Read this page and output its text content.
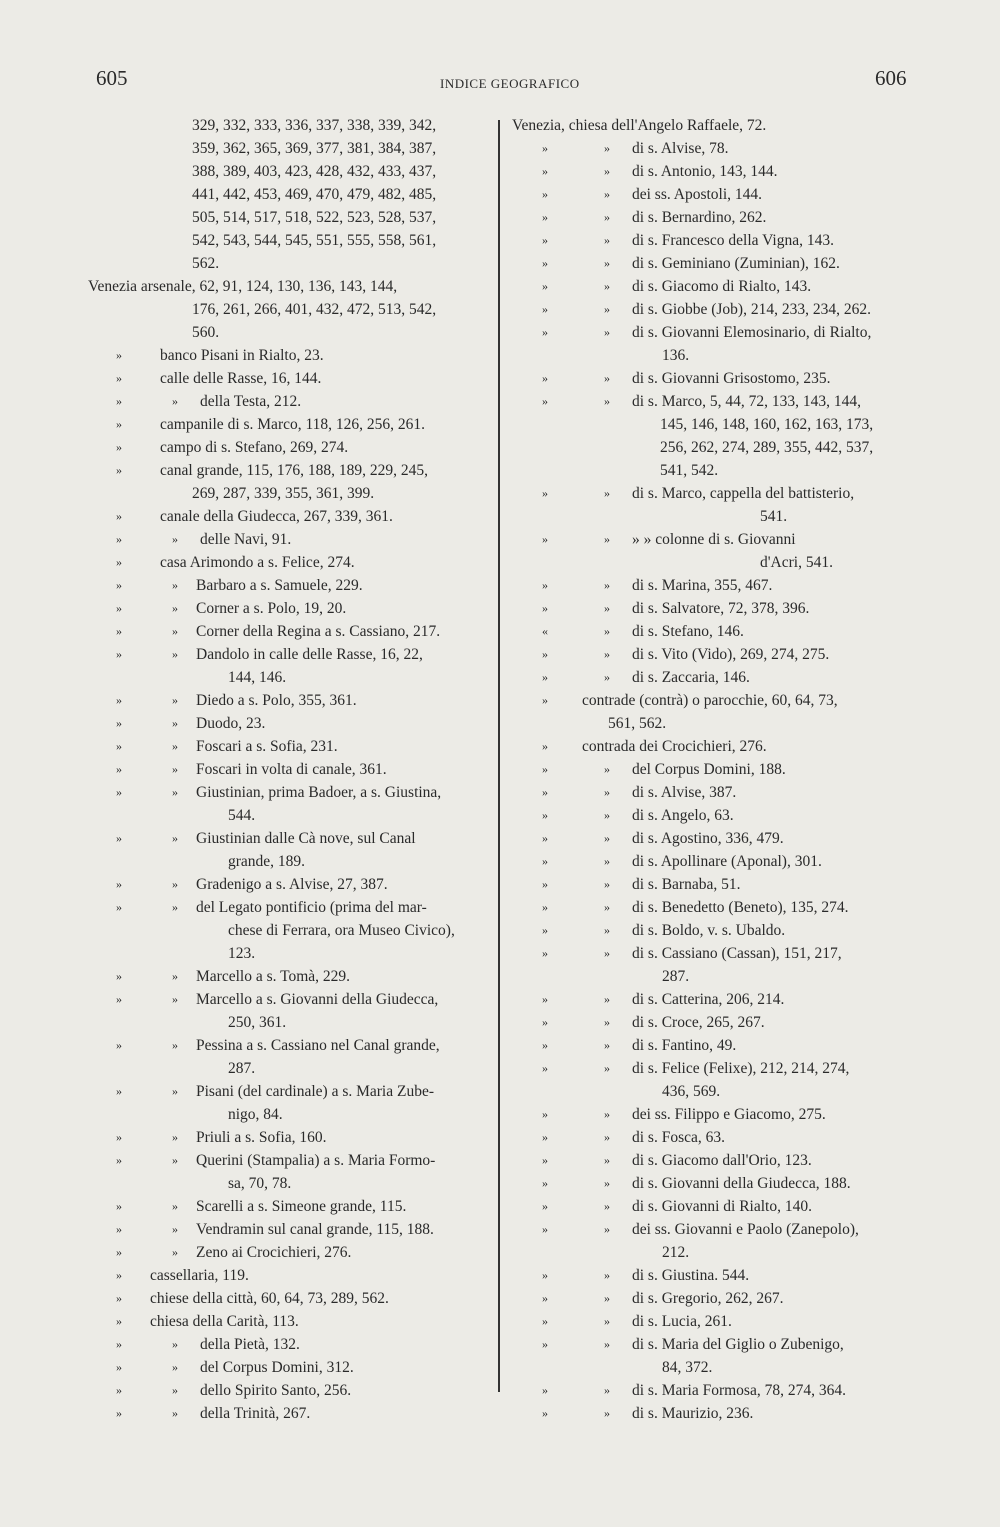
605	INDICE GEOGRAFICO	606
329, 332, 333, 336, 337, 338, 339, 342,
359, 362, 365, 369, 377, 381, 384, 387,
388, 389, 403, 423, 428, 432, 433, 437,
441, 442, 453, 469, 470, 479, 482, 485,
505, 514, 517, 518, 522, 523, 528, 537,
542, 543, 544, 545, 551, 555, 558, 561,
562.
Venezia arsenale, 62, 91, 124, 130, 136, 143, 144,
176, 261, 266, 401, 432, 472, 513, 542,
560.
» banco Pisani in Rialto, 23.
» calle delle Rasse, 16, 144.
»	» della Testa, 212.
» campanile di s. Marco, 118, 126, 256, 261.
» campo di s. Stefano, 269, 274.
» canal grande, 115, 176, 188, 189, 229, 245,
269, 287, 339, 355, 361, 399.
» canale della Giudecca, 267, 339, 361.
»	» delle Navi, 91.
» casa Arimondo a s. Felice, 274.
»	» Barbaro a s. Samuele, 229.
»	» Corner a s. Polo, 19, 20.
»	» Corner della Regina a s. Cassiano, 217.
»	» Dandolo in calle delle Rasse, 16, 22,
144, 146.
»	» Diedo a s. Polo, 355, 361.
»	» Duodo, 23.
»	» Foscari a s. Sofia, 231.
»	» Foscari in volta di canale, 361.
»	» Giustinian, prima Badoer, a s. Giustina,
544.
»	» Giustinian dalle Cà nove, sul Canal
grande, 189.
»	» Gradenigo a s. Alvise, 27, 387.
»	» del Legato pontificio (prima del mar-
chese di Ferrara, ora Museo Civico),
123.
»	» Marcello a s. Tomà, 229.
»	» Marcello a s. Giovanni della Giudecca,
250, 361.
»	» Pessina a s. Cassiano nel Canal grande,
287.
»	» Pisani (del cardinale) a s. Maria Zube-
nigo, 84.
»	» Priuli a s. Sofia, 160.
»	» Querini (Stampalia) a s. Maria Formo-
sa, 70, 78.
»	» Scarelli a s. Simeone grande, 115.
»	» Vendramin sul canal grande, 115, 188.
»	» Zeno ai Crocichieri, 276.
» cassellaria, 119.
» chiese della città, 60, 64, 73, 289, 562.
» chiesa della Carità, 113.
»	» della Pietà, 132.
»	» del Corpus Domini, 312.
»	» dello Spirito Santo, 256.
»	» della Trinità, 267.
Venezia, chiesa dell'Angelo Raffaele, 72.
»	» di s. Alvise, 78.
»	» di s. Antonio, 143, 144.
»	» dei ss. Apostoli, 144.
»	» di s. Bernardino, 262.
»	» di s. Francesco della Vigna, 143.
»	» di s. Geminiano (Zuminian), 162.
»	» di s. Giacomo di Rialto, 143.
»	» di s. Giobbe (Job), 214, 233, 234, 262.
»	» di s. Giovanni Elemosinario, di Rialto,
136.
»	» di s. Giovanni Grisostomo, 235.
»	» di s. Marco, 5, 44, 72, 133, 143, 144,
145, 146, 148, 160, 162, 163, 173,
256, 262, 274, 289, 355, 442, 537,
541, 542.
»	» di s. Marco, cappella del battisterio,
541.
»	» » » colonne di s. Giovanni
d'Acri, 541.
»	» di s. Marina, 355, 467.
»	» di s. Salvatore, 72, 378, 396.
«	» di s. Stefano, 146.
»	» di s. Vito (Vido), 269, 274, 275.
»	» di s. Zaccaria, 146.
» contrade (contrà) o parocchie, 60, 64, 73,
561, 562.
» contrada dei Crocichieri, 276.
»	» del Corpus Domini, 188.
»	» di s. Alvise, 387.
»	» di s. Angelo, 63.
»	» di s. Agostino, 336, 479.
»	» di s. Apollinare (Aponal), 301.
»	» di s. Barnaba, 51.
»	» di s. Benedetto (Beneto), 135, 274.
»	» di s. Boldo, v. s. Ubaldo.
»	» di s. Cassiano (Cassan), 151, 217,
287.
»	» di s. Catterina, 206, 214.
»	» di s. Croce, 265, 267.
»	» di s. Fantino, 49.
»	» di s. Felice (Felixe), 212, 214, 274,
436, 569.
»	» dei ss. Filippo e Giacomo, 275.
»	» di s. Fosca, 63.
»	» di s. Giacomo dall'Orio, 123.
»	» di s. Giovanni della Giudecca, 188.
»	» di s. Giovanni di Rialto, 140.
»	» dei ss. Giovanni e Paolo (Zanepolo),
212.
»	» di s. Giustina. 544.
»	» di s. Gregorio, 262, 267.
»	» di s. Lucia, 261.
»	» di s. Maria del Giglio o Zubenigo,
84, 372.
»	» di s. Maria Formosa, 78, 274, 364.
»	» di s. Maurizio, 236.
